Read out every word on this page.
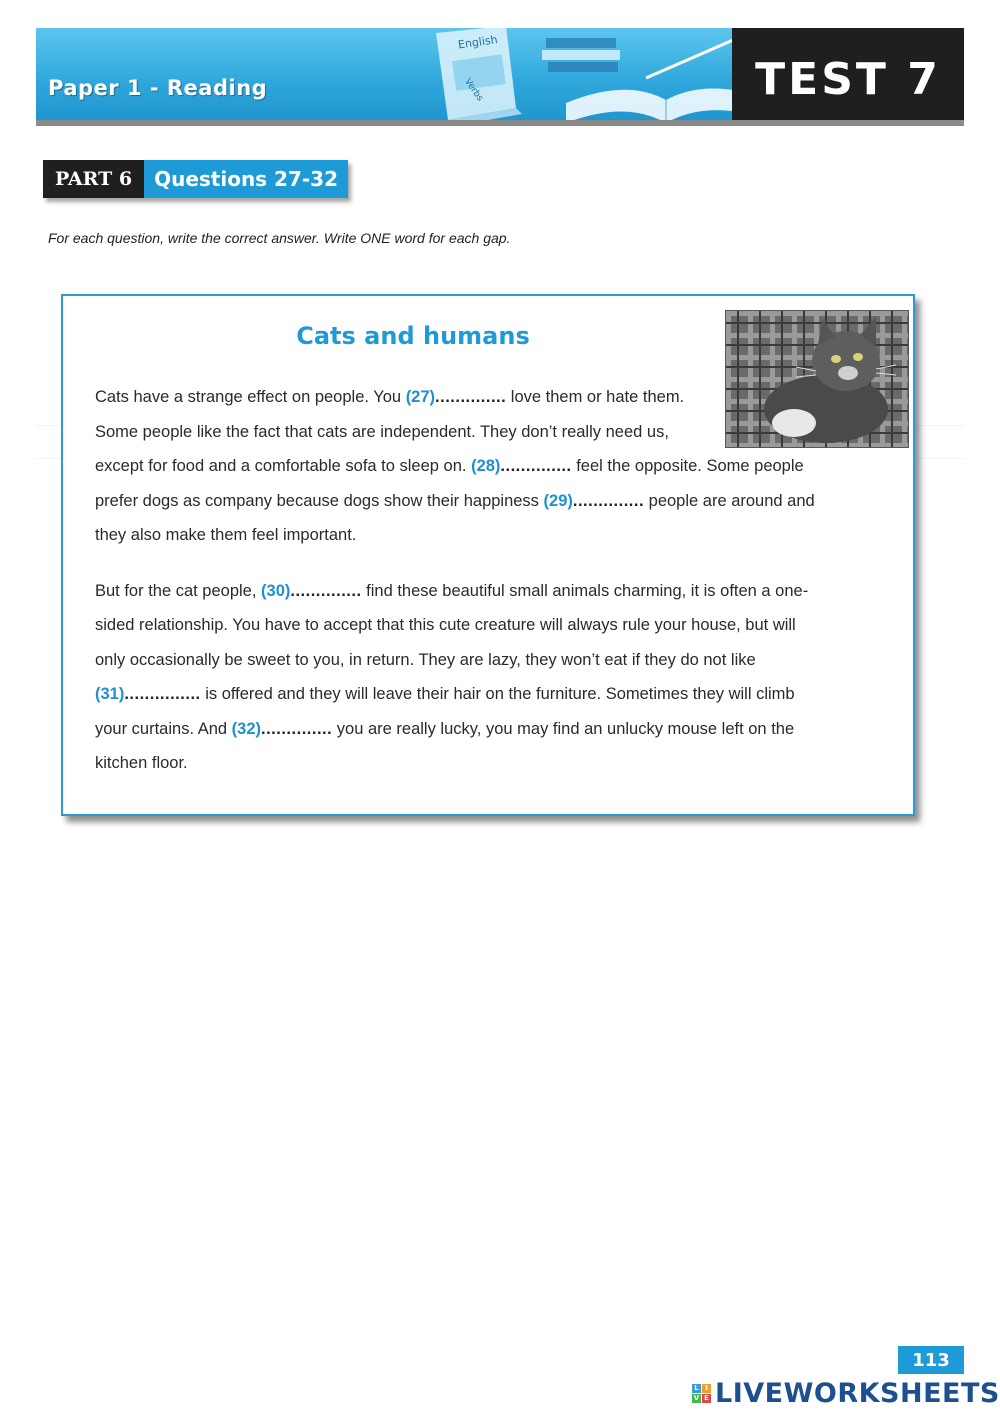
English
Verbs
Paper 1 - Reading	TEST 7
PART 6	Questions 27-32
For each question, write the correct answer. Write ONE word for each gap.
Cats and humans

Cats have a strange effect on people. You (27).............. love them or hate them.
Some people like the fact that cats are independent. They don’t really need us,
except for food and a comfortable sofa to sleep on. (28).............. feel the opposite. Some people
prefer dogs as company because dogs show their happiness (29).............. people are around and
they also make them feel important.

But for the cat people, (30).............. find these beautiful small animals charming, it is often a one-
sided relationship. You have to accept that this cute creature will always rule your house, but will
only occasionally be sweet to you, in return. They are lazy, they won’t eat if they do not like
(31)............... is offered and they will leave their hair on the furniture. Sometimes they will climb
your curtains. And (32).............. you are really lucky, you may find an unlucky mouse left on the
kitchen floor.

113
L I
V E LIVEWORKSHEETS
